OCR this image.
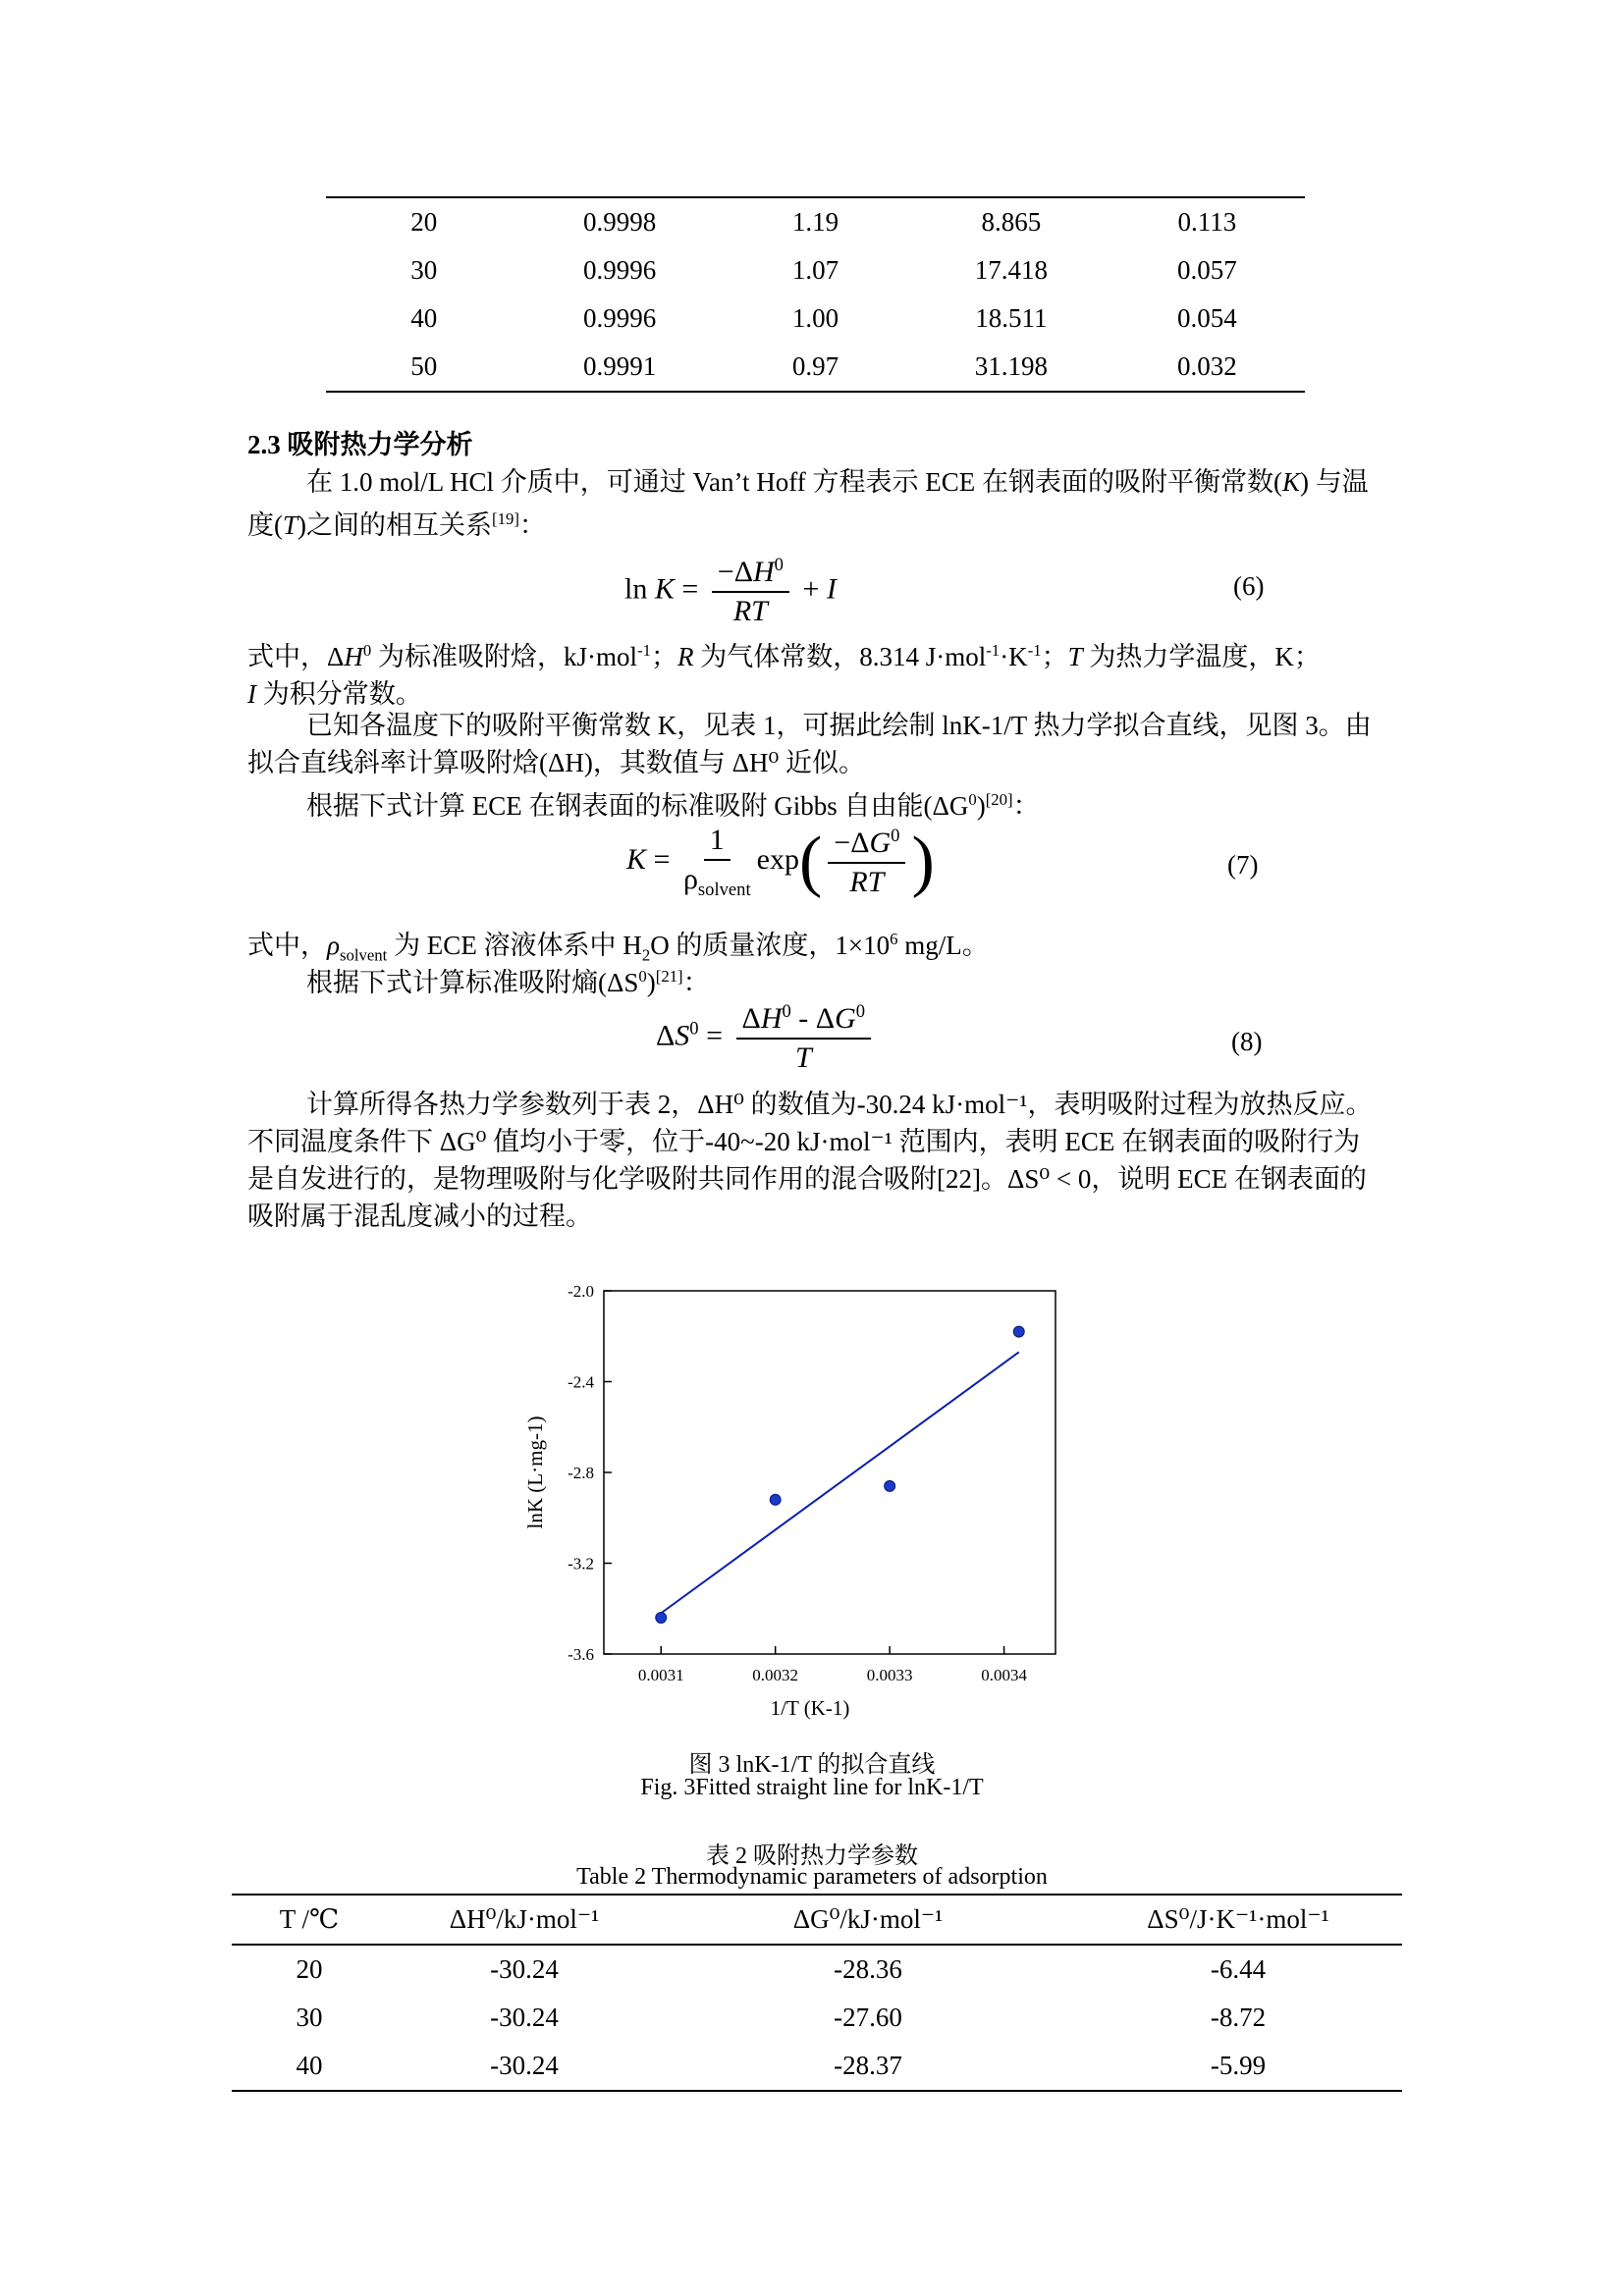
20	0.9998	1.19	8.865	0.113
30	0.9996	1.07	17.418	0.057
40	0.9996	1.00	18.511	0.054
50	0.9991	0.97	31.198	0.032
2.3 吸附热力学分析
在 1.0 mol/L HCl 介质中，可通过 Van’t Hoff 方程表示 ECE 在钢表面的吸附平衡常数(K) 与温度(T)之间的相互关系[19]：
$\ln K = \frac{-\Delta H^0}{RT} + I$	(6)
式中，$\Delta H^0$ 为标准吸附焓，kJ·mol$^{-1}$；R 为气体常数，8.314 $J\cdot mol^{-1}\cdot K^{-1}$；T 为热力学温度，K；
I 为积分常数。
已知各温度下的吸附平衡常数 K，见表 1，可据此绘制 lnK-1/T 热力学拟合直线，见图 3。由拟合直线斜率计算吸附焓(ΔH)，其数值与 ΔH⁰ 近似。
根据下式计算 ECE 在钢表面的标准吸附 Gibbs 自由能$(\Delta G^0)[20]$：
$K = \frac{1}{\rho_{solvent}} \exp( \frac{-\Delta G^0}{RT}$ )	(7)
式中，$\rho_{solvent}$ 为 ECE 溶液体系中 $H_2O$ 的质量浓度，$1\times 10^6$ mg/L。
根据下式计算标准吸附熵$(\Delta S^0)[21]$：
$\Delta S^0 = \frac{\Delta H^0 - \Delta G^0}{T}$	(8)
计算所得各热力学参数列于表 2，ΔH⁰ 的数值为-30.24 kJ·mol⁻¹，表明吸附过程为放热反应。不同温度条件下 ΔG⁰ 值均小于零，位于-40~-20 kJ·mol⁻¹ 范围内，表明 ECE 在钢表面的吸附行为是自发进行的，是物理吸附与化学吸附共同作用的混合吸附[22]。ΔS⁰ < 0，说明 ECE 在钢表面的吸附属于混乱度减小的过程。
-2.0
-2.4
-2.8
-3.2
-3.6
0.0031	0.0032	0.0033	0.0034
1/T (K-1)
lnK (L·mg-1)
图 3 lnK-1/T 的拟合直线
Fig. 3Fitted straight line for lnK-1/T
表 2 吸附热力学参数
Table 2 Thermodynamic parameters of adsorption
T /℃	ΔH⁰/kJ·mol⁻¹	ΔG⁰/kJ·mol⁻¹	ΔS⁰/J·K⁻¹·mol⁻¹
20	-30.24	-28.36	-6.44
30	-30.24	-27.60	-8.72
40	-30.24	-28.37	-5.99
